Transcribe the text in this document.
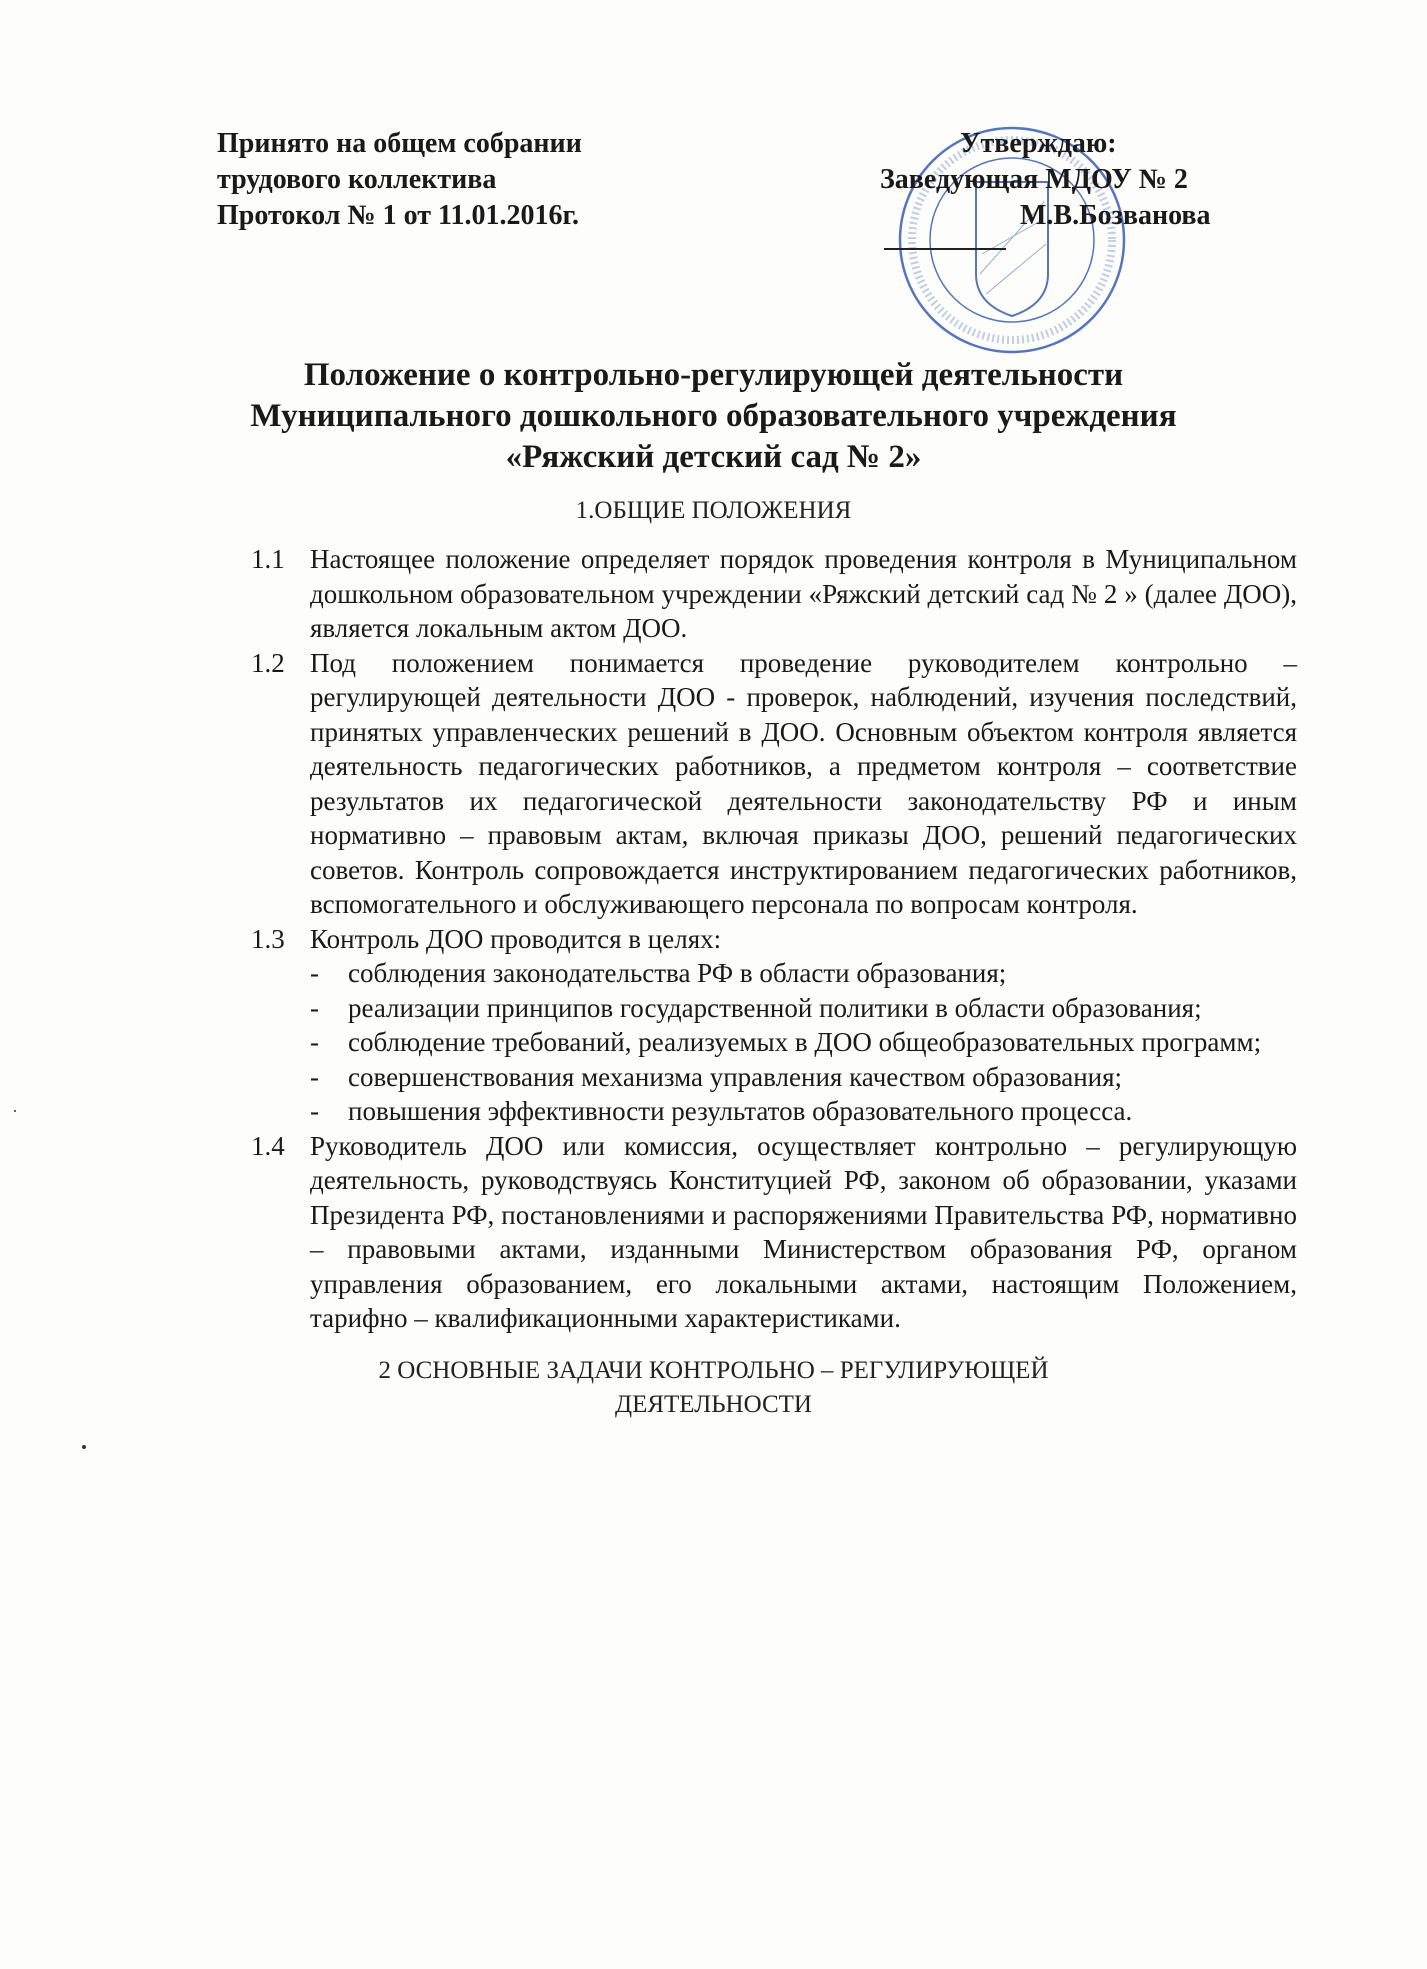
Принято на общем собрании
трудового коллектива
Протокол № 1 от 11.01.2016г.
Утверждаю:
Заведующая МДОУ № 2
М.В.Бозванова
Положение о контрольно-регулирующей деятельности
Муниципального дошкольного образовательного учреждения
«Ряжский детский сад № 2»
1.ОБЩИЕ ПОЛОЖЕНИЯ
1.1 Настоящее положение определяет порядок проведения контроля в Муниципальном дошкольном образовательном учреждении «Ряжский детский сад № 2 » (далее ДОО), является локальным актом ДОО.
1.2 Под положением понимается проведение руководителем контрольно – регулирующей деятельности ДОО - проверок, наблюдений, изучения последствий, принятых управленческих решений в ДОО. Основным объектом контроля является деятельность педагогических работников, а предметом контроля – соответствие результатов их педагогической деятельности законодательству РФ и иным нормативно – правовым актам, включая приказы ДОО, решений педагогических советов. Контроль сопровождается инструктированием педагогических работников, вспомогательного и обслуживающего персонала по вопросам контроля.
1.3 Контроль ДОО проводится в целях:
- соблюдения законодательства РФ в области образования;
- реализации принципов государственной политики в области образования;
- соблюдение требований, реализуемых в ДОО общеобразовательных программ;
- совершенствования механизма управления качеством образования;
- повышения эффективности результатов образовательного процесса.
1.4 Руководитель ДОО или комиссия, осуществляет контрольно – регулирующую деятельность, руководствуясь Конституцией РФ, законом об образовании, указами Президента РФ, постановлениями и распоряжениями Правительства РФ, нормативно – правовыми актами, изданными Министерством образования РФ, органом управления образованием, его локальными актами, настоящим Положением, тарифно – квалификационными характеристиками.
2 ОСНОВНЫЕ ЗАДАЧИ КОНТРОЛЬНО – РЕГУЛИРУЮЩЕЙ
ДЕЯТЕЛЬНОСТИ
